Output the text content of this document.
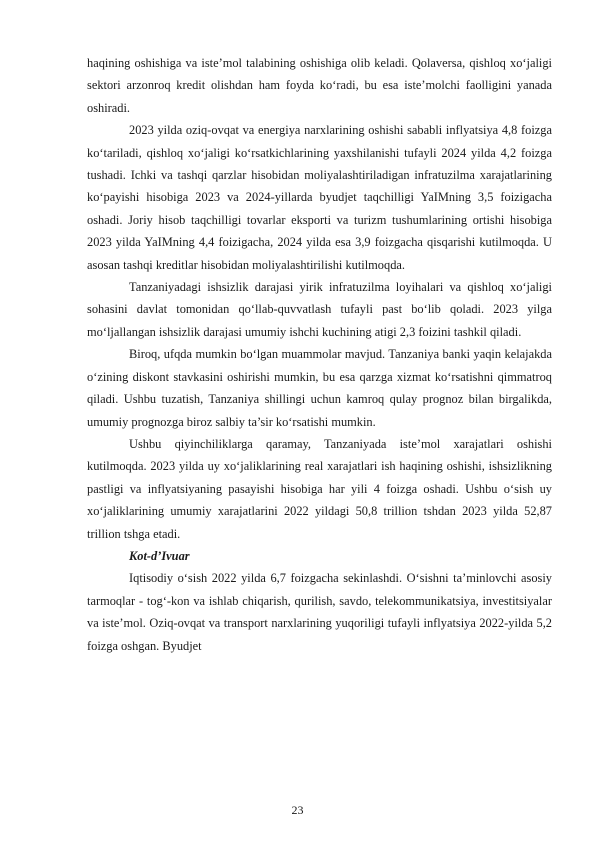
haqining oshishiga va iste’mol talabining oshishiga olib keladi. Qolaversa, qishloq xo‘jaligi sektori arzonroq kredit olishdan ham foyda ko‘radi, bu esa iste’molchi faolligini yanada oshiradi.

2023 yilda oziq-ovqat va energiya narxlarining oshishi sababli inflyatsiya 4,8 foizga ko‘tariladi, qishloq xo‘jaligi ko‘rsatkichlarining yaxshilanishi tufayli 2024 yilda 4,2 foizga tushadi. Ichki va tashqi qarzlar hisobidan moliyalashtiriladigan infratuzilma xarajatlarining ko‘payishi hisobiga 2023 va 2024-yillarda byudjet taqchilligi YaIMning 3,5 foizigacha oshadi. Joriy hisob taqchilligi tovarlar eksporti va turizm tushumlarining ortishi hisobiga 2023 yilda YaIMning 4,4 foizigacha, 2024 yilda esa 3,9 foizgacha qisqarishi kutilmoqda. U asosan tashqi kreditlar hisobidan moliyalashtirilishi kutilmoqda.

Tanzaniyadagi ishsizlik darajasi yirik infratuzilma loyihalari va qishloq xo‘jaligi sohasini davlat tomonidan qo‘llab-quvvatlash tufayli past bo‘lib qoladi. 2023 yilga mo‘ljallangan ishsizlik darajasi umumiy ishchi kuchining atigi 2,3 foizini tashkil qiladi.

Biroq, ufqda mumkin bo‘lgan muammolar mavjud. Tanzaniya banki yaqin kelajakda o‘zining diskont stavkasini oshirishi mumkin, bu esa qarzga xizmat ko‘rsatishni qimmatroq qiladi. Ushbu tuzatish, Tanzaniya shillingi uchun kamroq qulay prognoz bilan birgalikda, umumiy prognozga biroz salbiy ta’sir ko‘rsatishi mumkin.

Ushbu qiyinchiliklarga qaramay, Tanzaniyada iste’mol xarajatlari oshishi kutilmoqda. 2023 yilda uy xo‘jaliklarining real xarajatlari ish haqining oshishi, ishsizlikning pastligi va inflyatsiyaning pasayishi hisobiga har yili 4 foizga oshadi. Ushbu o‘sish uy xo‘jaliklarining umumiy xarajatlarini 2022 yildagi 50,8 trillion tshdan 2023 yilda 52,87 trillion tshga etadi.

Kot-d’Ivuar

Iqtisodiy o‘sish 2022 yilda 6,7 foizgacha sekinlashdi. O‘sishni ta’minlovchi asosiy tarmoqlar - tog‘-kon va ishlab chiqarish, qurilish, savdo, telekommunikatsiya, investitsiyalar va iste’mol. Oziq-ovqat va transport narxlarining yuqoriligi tufayli inflyatsiya 2022-yilda 5,2 foizga oshgan. Byudjet

23
